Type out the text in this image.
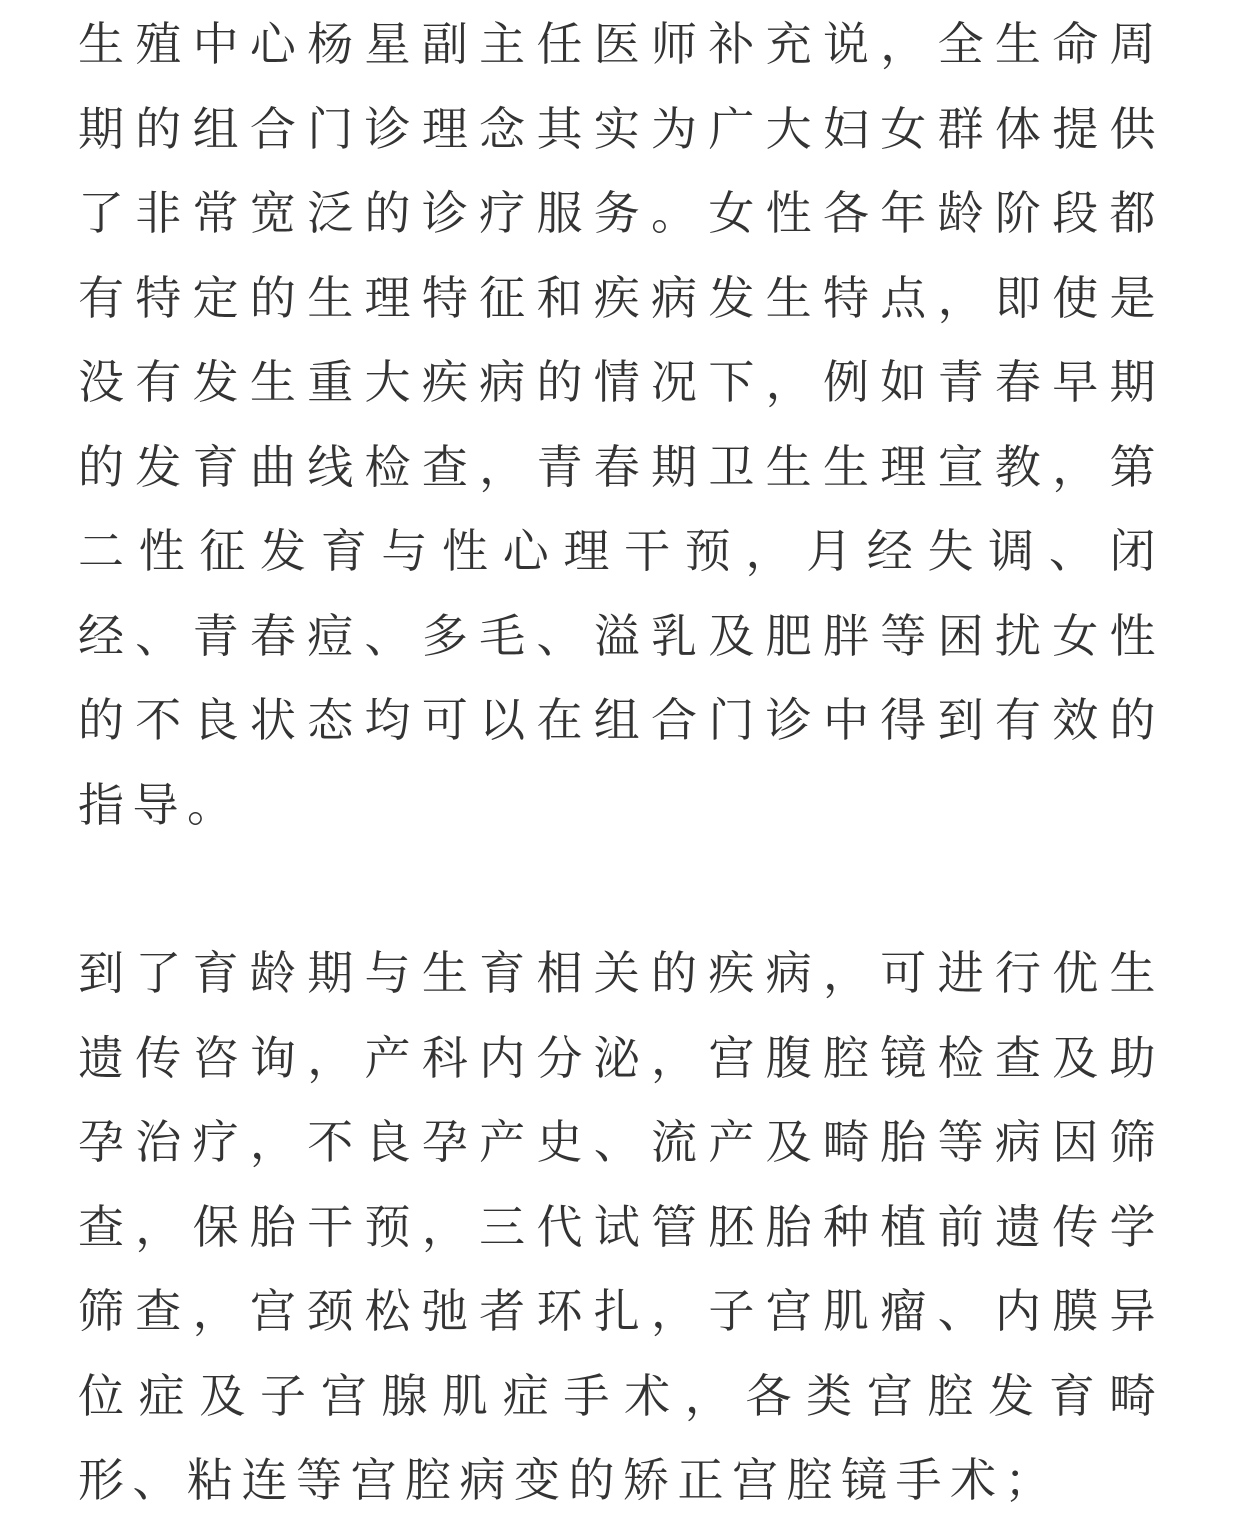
生殖中心杨星副主任医师补充说，全生命周期的组合门诊理念其实为广大妇女群体提供了非常宽泛的诊疗服务。女性各年龄阶段都有特定的生理特征和疾病发生特点，即使是没有发生重大疾病的情况下，例如青春早期的发育曲线检查，青春期卫生生理宣教，第二性征发育与性心理干预，月经失调、闭经、青春痘、多毛、溢乳及肥胖等困扰女性的不良状态均可以在组合门诊中得到有效的指导。

到了育龄期与生育相关的疾病，可进行优生遗传咨询，产科内分泌，宫腹腔镜检查及助孕治疗，不良孕产史、流产及畸胎等病因筛查，保胎干预，三代试管胚胎种植前遗传学筛查，宫颈松弛者环扎，子宫肌瘤、内膜异位症及子宫腺肌症手术，各类宫腔发育畸形、粘连等宫腔病变的矫正宫腔镜手术；
